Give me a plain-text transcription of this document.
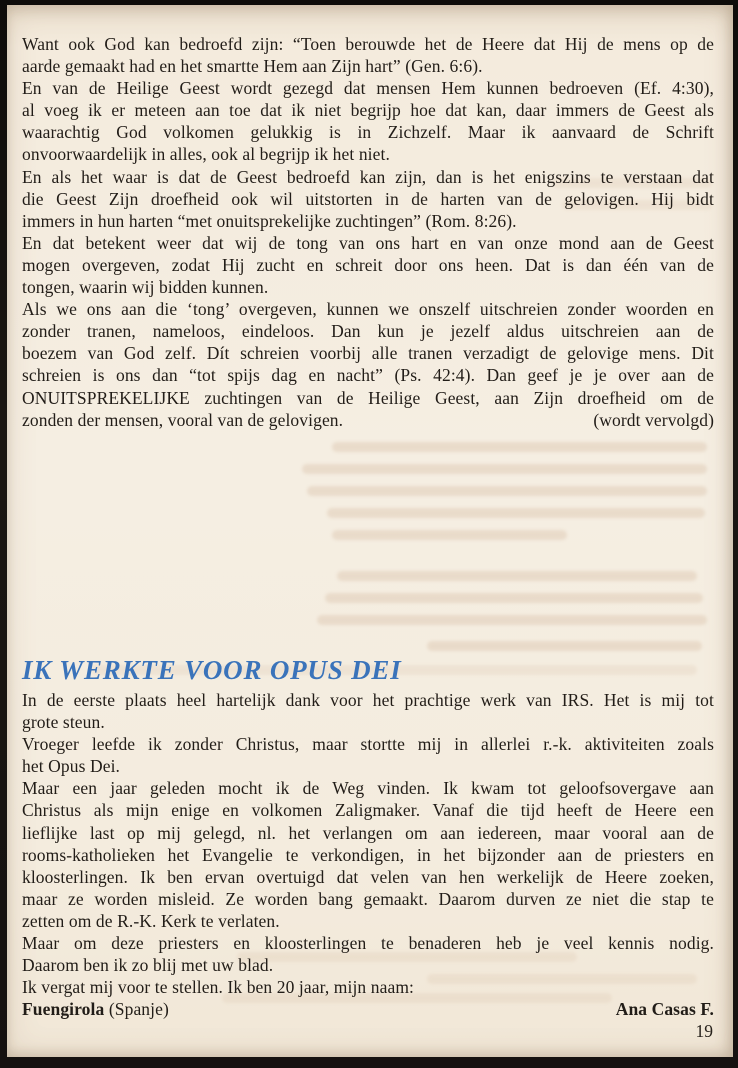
Want ook God kan bedroefd zijn: “Toen berouwde het de Heere dat Hij de mens op de
aarde gemaakt had en het smartte Hem aan Zijn hart” (Gen. 6:6).
En van de Heilige Geest wordt gezegd dat mensen Hem kunnen bedroeven (Ef. 4:30),
al voeg ik er meteen aan toe dat ik niet begrijp hoe dat kan, daar immers de Geest als
waarachtig God volkomen gelukkig is in Zichzelf. Maar ik aanvaard de Schrift
onvoorwaardelijk in alles, ook al begrijp ik het niet.
En als het waar is dat de Geest bedroefd kan zijn, dan is het enigszins te verstaan dat
die Geest Zijn droefheid ook wil uitstorten in de harten van de gelovigen. Hij bidt
immers in hun harten “met onuitsprekelijke zuchtingen” (Rom. 8:26).
En dat betekent weer dat wij de tong van ons hart en van onze mond aan de Geest
mogen overgeven, zodat Hij zucht en schreit door ons heen. Dat is dan één van de
tongen, waarin wij bidden kunnen.
Als we ons aan die ‘tong’ overgeven, kunnen we onszelf uitschreien zonder woorden en
zonder tranen, nameloos, eindeloos. Dan kun je jezelf aldus uitschreien aan de
boezem van God zelf. Dít schreien voorbij alle tranen verzadigt de gelovige mens. Dit
schreien is ons dan “tot spijs dag en nacht” (Ps. 42:4). Dan geef je je over aan de
ONUITSPREKELIJKE zuchtingen van de Heilige Geest, aan Zijn droefheid om de
zonden der mensen, vooral van de gelovigen.	(wordt vervolgd)
IK WERKTE VOOR OPUS DEI
In de eerste plaats heel hartelijk dank voor het prachtige werk van IRS. Het is mij tot
grote steun.
Vroeger leefde ik zonder Christus, maar stortte mij in allerlei r.-k. aktiviteiten zoals
het Opus Dei.
Maar een jaar geleden mocht ik de Weg vinden. Ik kwam tot geloofsovergave aan
Christus als mijn enige en volkomen Zaligmaker. Vanaf die tijd heeft de Heere een
lieflijke last op mij gelegd, nl. het verlangen om aan iedereen, maar vooral aan de
rooms-katholieken het Evangelie te verkondigen, in het bijzonder aan de priesters en
kloosterlingen. Ik ben ervan overtuigd dat velen van hen werkelijk de Heere zoeken,
maar ze worden misleid. Ze worden bang gemaakt. Daarom durven ze niet die stap te
zetten om de R.-K. Kerk te verlaten.
Maar om deze priesters en kloosterlingen te benaderen heb je veel kennis nodig.
Daarom ben ik zo blij met uw blad.
Ik vergat mij voor te stellen. Ik ben 20 jaar, mijn naam:
Fuengirola (Spanje)	Ana Casas F.
19
